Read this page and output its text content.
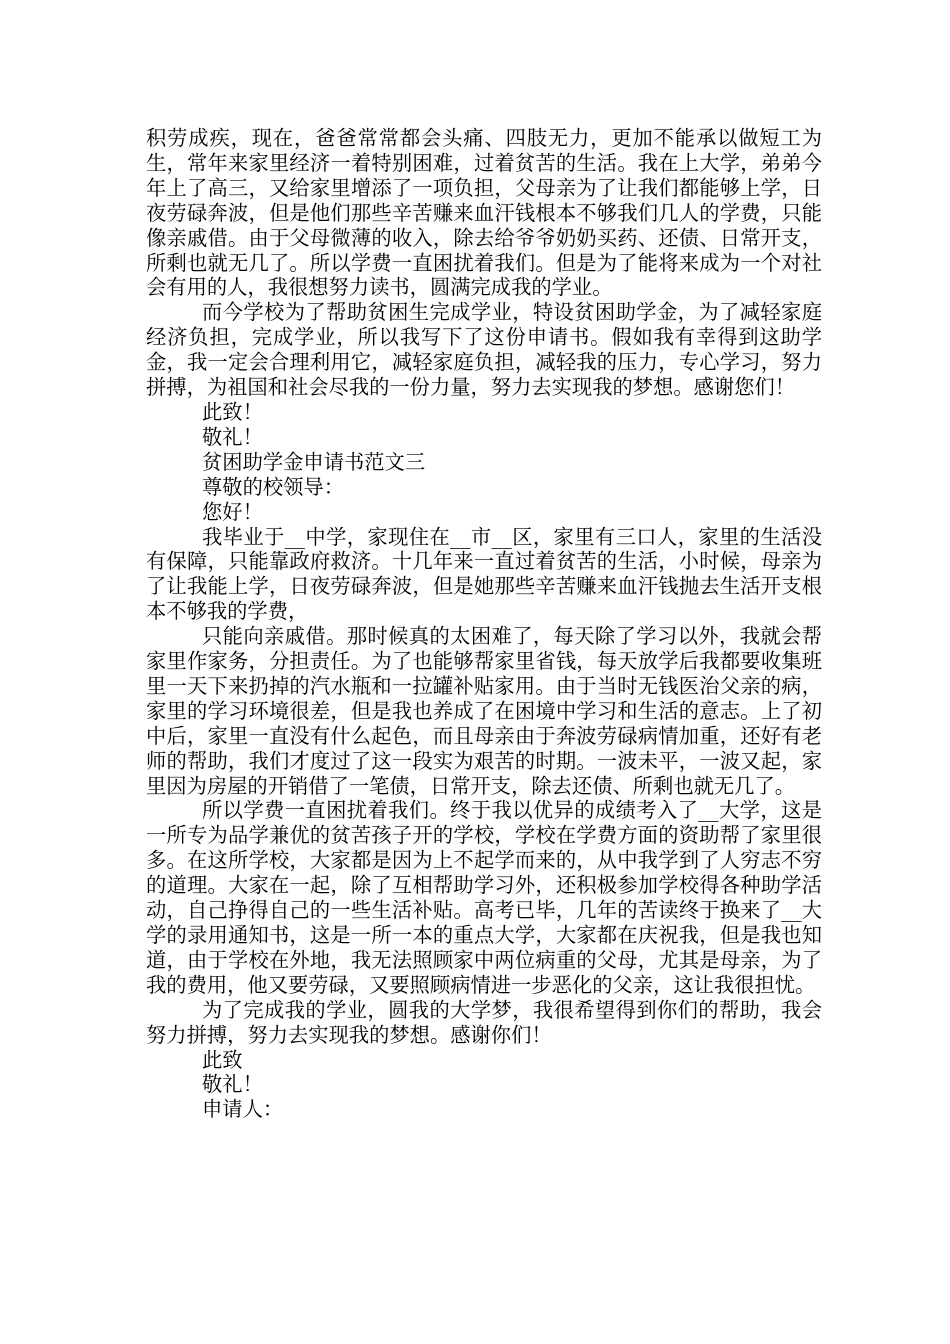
积劳成疾，现在，爸爸常常都会头痛、四肢无力，更加不能承以做短工为生，常年来家里经济一着特别困难，过着贫苦的生活。我在上大学，弟弟今年上了高三，又给家里增添了一项负担，父母亲为了让我们都能够上学，日夜劳碌奔波，但是他们那些辛苦赚来血汗钱根本不够我们几人的学费，只能像亲戚借。由于父母微薄的收入，除去给爷爷奶奶买药、还债、日常开支，所剩也就无几了。所以学费一直困扰着我们。但是为了能将来成为一个对社会有用的人，我很想努力读书，圆满完成我的学业。

而今学校为了帮助贫困生完成学业，特设贫困助学金，为了减轻家庭经济负担，完成学业，所以我写下了这份申请书。假如我有幸得到这助学金，我一定会合理利用它，减轻家庭负担，减轻我的压力，专心学习，努力拼搏，为祖国和社会尽我的一份力量，努力去实现我的梦想。感谢您们！

此致！

敬礼！

贫困助学金申请书范文三

尊敬的校领导：

您好！

我毕业于__中学，家现住在__市__区，家里有三口人，家里的生活没有保障，只能靠政府救济。十几年来一直过着贫苦的生活，小时候，母亲为了让我能上学，日夜劳碌奔波，但是她那些辛苦赚来血汗钱抛去生活开支根本不够我的学费，

只能向亲戚借。那时候真的太困难了，每天除了学习以外，我就会帮家里作家务，分担责任。为了也能够帮家里省钱，每天放学后我都要收集班里一天下来扔掉的汽水瓶和一拉罐补贴家用。由于当时无钱医治父亲的病，家里的学习环境很差，但是我也养成了在困境中学习和生活的意志。上了初中后，家里一直没有什么起色，而且母亲由于奔波劳碌病情加重，还好有老师的帮助，我们才度过了这一段实为艰苦的时期。一波未平，一波又起，家里因为房屋的开销借了一笔债，日常开支，除去还债、所剩也就无几了。

所以学费一直困扰着我们。终于我以优异的成绩考入了__大学，这是一所专为品学兼优的贫苦孩子开的学校，学校在学费方面的资助帮了家里很多。在这所学校，大家都是因为上不起学而来的，从中我学到了人穷志不穷的道理。大家在一起，除了互相帮助学习外，还积极参加学校得各种助学活动，自己挣得自己的一些生活补贴。高考已毕，几年的苦读终于换来了__大学的录用通知书，这是一所一本的重点大学，大家都在庆祝我，但是我也知道，由于学校在外地，我无法照顾家中两位病重的父母，尤其是母亲，为了我的费用，他又要劳碌，又要照顾病情进一步恶化的父亲，这让我很担忧。

为了完成我的学业，圆我的大学梦，我很希望得到你们的帮助，我会努力拼搏，努力去实现我的梦想。感谢你们！

此致

敬礼！

申请人：
